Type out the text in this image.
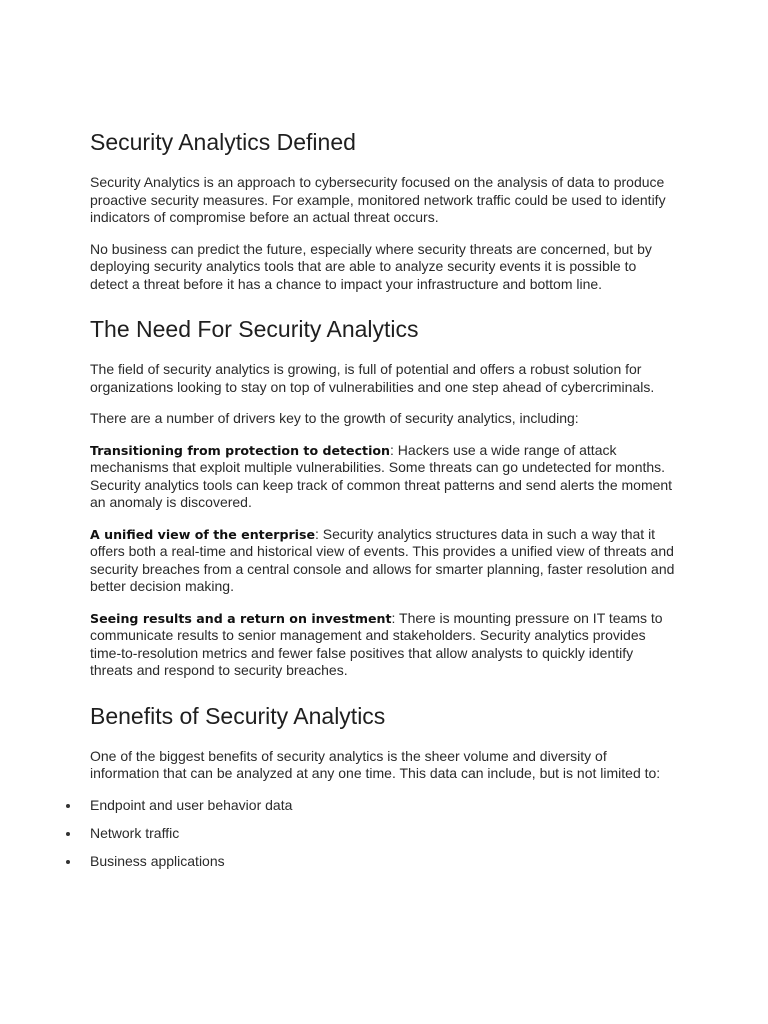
Security Analytics Defined

Security Analytics is an approach to cybersecurity focused on the analysis of data to produce proactive security measures. For example, monitored network traffic could be used to identify indicators of compromise before an actual threat occurs.

No business can predict the future, especially where security threats are concerned, but by deploying security analytics tools that are able to analyze security events it is possible to detect a threat before it has a chance to impact your infrastructure and bottom line.

The Need For Security Analytics

The field of security analytics is growing, is full of potential and offers a robust solution for organizations looking to stay on top of vulnerabilities and one step ahead of cybercriminals.

There are a number of drivers key to the growth of security analytics, including:

Transitioning from protection to detection: Hackers use a wide range of attack mechanisms that exploit multiple vulnerabilities. Some threats can go undetected for months. Security analytics tools can keep track of common threat patterns and send alerts the moment an anomaly is discovered.

A unified view of the enterprise: Security analytics structures data in such a way that it offers both a real-time and historical view of events. This provides a unified view of threats and security breaches from a central console and allows for smarter planning, faster resolution and better decision making.

Seeing results and a return on investment: There is mounting pressure on IT teams to communicate results to senior management and stakeholders. Security analytics provides time-to-resolution metrics and fewer false positives that allow analysts to quickly identify threats and respond to security breaches.

Benefits of Security Analytics

One of the biggest benefits of security analytics is the sheer volume and diversity of information that can be analyzed at any one time. This data can include, but is not limited to:

Endpoint and user behavior data
Network traffic
Business applications
